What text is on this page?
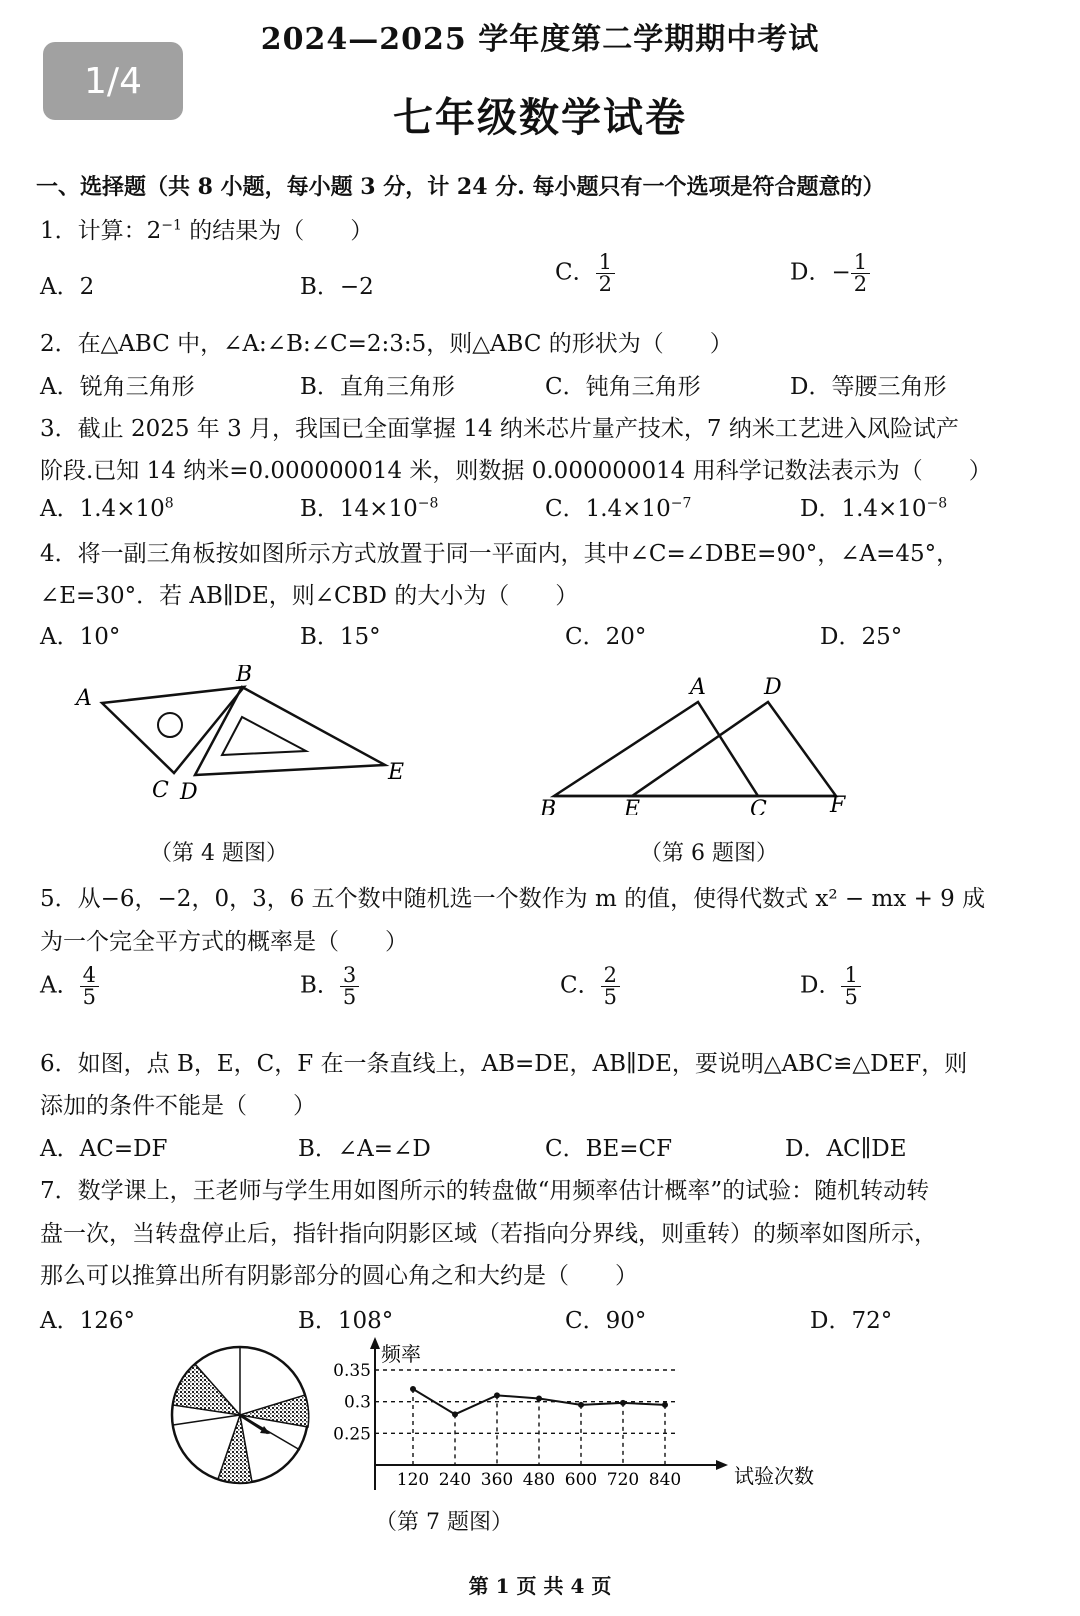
1/4
2024—2025 学年度第二学期期中考试
七年级数学试卷
一、选择题（共 8 小题，每小题 3 分，计 24 分. 每小题只有一个选项是符合题意的）
1．计算：$2^{-1}$ 的结果为（　　）
A．2	B．−2
C． $\frac{1}{2}$	D．− $\frac{1}{2}$
2．在△ABC 中，∠A:∠B:∠C=2:3:5，则△ABC 的形状为（　　）
A．锐角三角形	B．直角三角形	C．钝角三角形	D．等腰三角形
3．截止 2025 年 3 月，我国已全面掌握 14 纳米芯片量产技术，7 纳米工艺进入风险试产
阶段.已知 14 纳米=0.000000014 米，则数据 0.000000014 用科学记数法表示为（　　）
A．$1.4\times 10^8$	B．$14\times 10^{-8}$	C．$1.4\times 10^{-7}$	D．$1.4\times 10^{-8}$
4．将一副三角板按如图所示方式放置于同一平面内，其中∠C=∠DBE=90°，∠A=45°，
∠E=30°．若 AB∥DE，则∠CBD 的大小为（　　）
A．10°	B．15°	C．20°	D．25°
A
B
C D
E
（第 4 题图）
A	D
B	E	C	F
（第 6 题图）
5．从−6，−2，0，3，6 五个数中随机选一个数作为 m 的值，使得代数式 x² − mx + 9 成
为一个完全平方式的概率是（　　）
A． $\frac{4}{5}$	B． $\frac{3}{5}$	C． $\frac{2}{5}$	D． $\frac{1}{5}$
6．如图，点 B，E，C，F 在一条直线上，AB=DE，AB∥DE，要说明△ABC≌△DEF，则
添加的条件不能是（　　）
A．AC=DF	B．∠A=∠D	C．BE=CF	D．AC∥DE
7．数学课上，王老师与学生用如图所示的转盘做“用频率估计概率”的试验：随机转动转
盘一次，当转盘停止后，指针指向阴影区域（若指向分界线，则重转）的频率如图所示，
那么可以推算出所有阴影部分的圆心角之和大约是（　　）
A．126°	B．108°	C．90°	D．72°
频率
试验次数
0.25
0.3
0.35
120 240 360 480 600 720 840
（第 7 题图）
第 1 页 共 4 页
